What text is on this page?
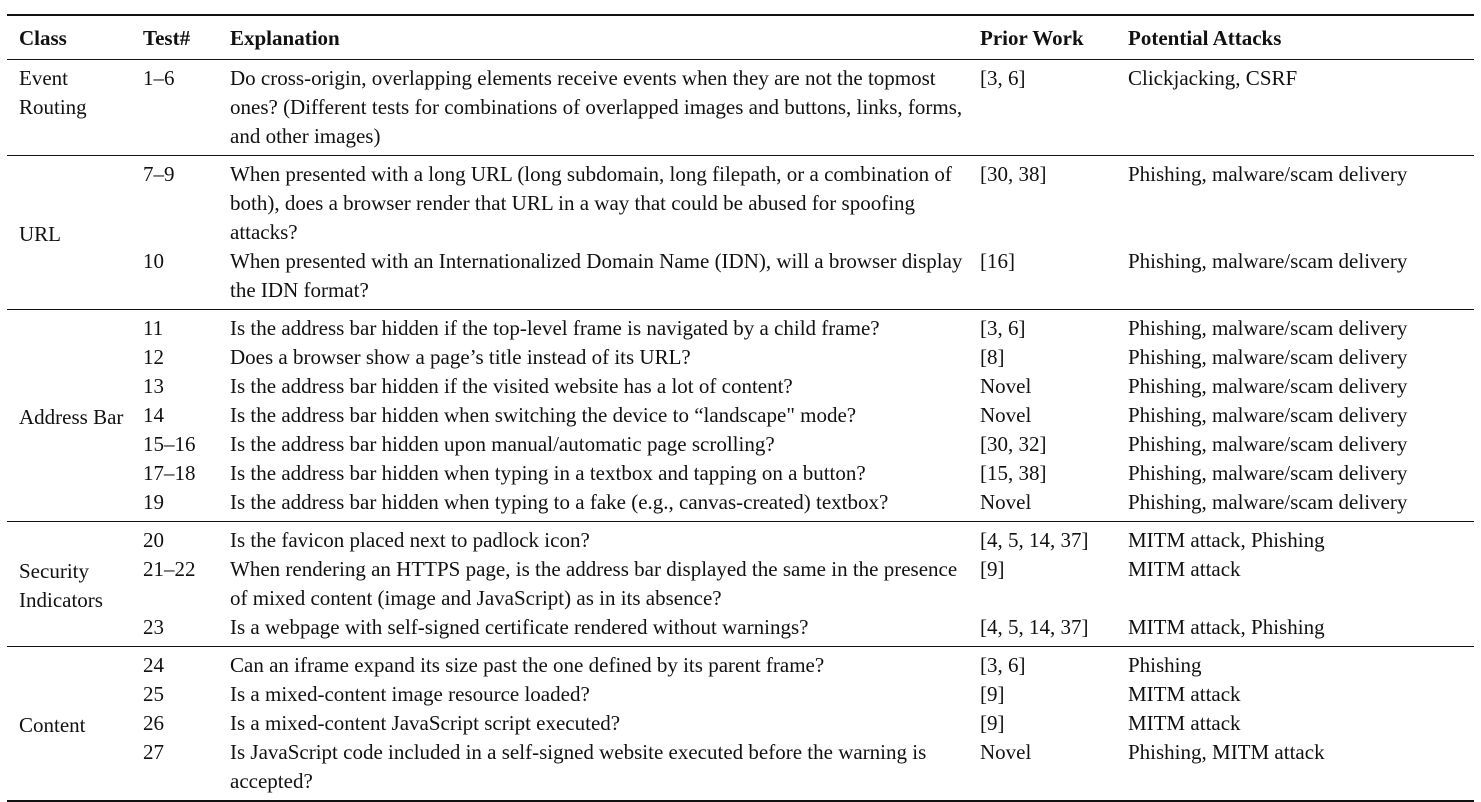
Class	Test#	Explanation	Prior Work	Potential Attacks
Event Routing	1–6	Do cross-origin, overlapping elements receive events when they are not the topmost ones? (Different tests for combinations of overlapped images and buttons, links, forms, and other images)	[3, 6]	Clickjacking, CSRF
URL	7–9	When presented with a long URL (long subdomain, long filepath, or a combination of both), does a browser render that URL in a way that could be abused for spoofing attacks?	[30, 38]	Phishing, malware/scam delivery
	10	When presented with an Internationalized Domain Name (IDN), will a browser display the IDN format?	[16]	Phishing, malware/scam delivery
Address Bar	11	Is the address bar hidden if the top-level frame is navigated by a child frame?	[3, 6]	Phishing, malware/scam delivery
	12	Does a browser show a page’s title instead of its URL?	[8]	Phishing, malware/scam delivery
	13	Is the address bar hidden if the visited website has a lot of content?	Novel	Phishing, malware/scam delivery
	14	Is the address bar hidden when switching the device to “landscape" mode?	Novel	Phishing, malware/scam delivery
	15–16	Is the address bar hidden upon manual/automatic page scrolling?	[30, 32]	Phishing, malware/scam delivery
	17–18	Is the address bar hidden when typing in a textbox and tapping on a button?	[15, 38]	Phishing, malware/scam delivery
	19	Is the address bar hidden when typing to a fake (e.g., canvas-created) textbox?	Novel	Phishing, malware/scam delivery
Security Indicators	20	Is the favicon placed next to padlock icon?	[4, 5, 14, 37]	MITM attack, Phishing
	21–22	When rendering an HTTPS page, is the address bar displayed the same in the presence of mixed content (image and JavaScript) as in its absence?	[9]	MITM attack
	23	Is a webpage with self-signed certificate rendered without warnings?	[4, 5, 14, 37]	MITM attack, Phishing
Content	24	Can an iframe expand its size past the one defined by its parent frame?	[3, 6]	Phishing
	25	Is a mixed-content image resource loaded?	[9]	MITM attack
	26	Is a mixed-content JavaScript script executed?	[9]	MITM attack
	27	Is JavaScript code included in a self-signed website executed before the warning is accepted?	Novel	Phishing, MITM attack
